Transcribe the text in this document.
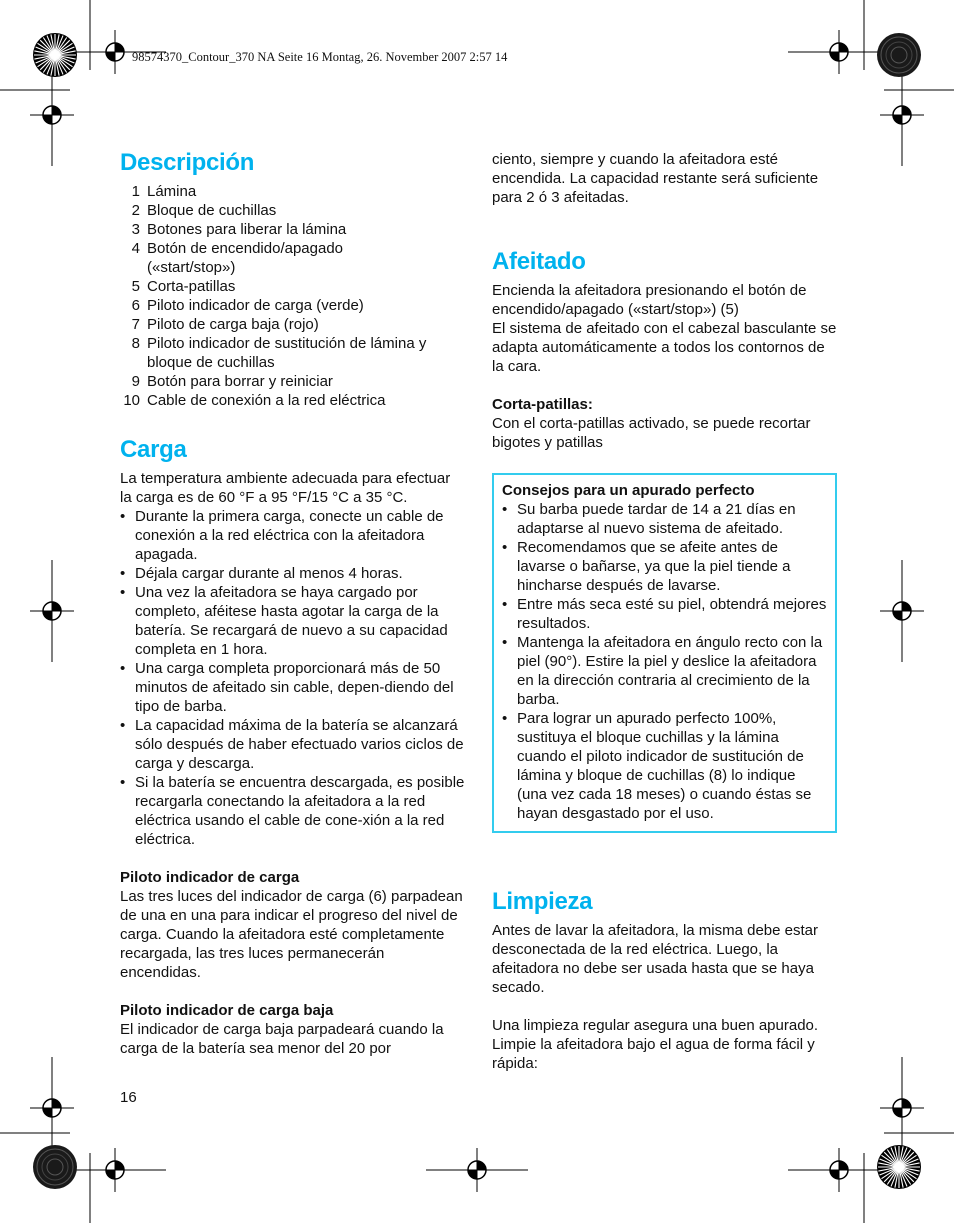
98574370_Contour_370 NA Seite 16 Montag, 26. November 2007 2:57 14
Descripción
1 Lámina
2 Bloque de cuchillas
3 Botones para liberar la lámina
4 Botón de encendido/apagado («start/stop»)
5 Corta-patillas
6 Piloto indicador de carga (verde)
7 Piloto de carga baja (rojo)
8 Piloto indicador de sustitución de lámina y bloque de cuchillas
9 Botón para borrar y reiniciar
10 Cable de conexión a la red eléctrica
Carga

La temperatura ambiente adecuada para efectuar la carga es de 60 °F a 95 °F/15 °C a 35 °C.

• Durante la primera carga, conecte un cable de conexión a la red eléctrica con la afeitadora apagada.
• Déjala cargar durante al menos 4 horas.
• Una vez la afeitadora se haya cargado por completo, aféitese hasta agotar la carga de la batería. Se recargará de nuevo a su capacidad completa en 1 hora.
• Una carga completa proporcionará más de 50 minutos de afeitado sin cable, depen-diendo del tipo de barba.
• La capacidad máxima de la batería se alcanzará sólo después de haber efectuado varios ciclos de carga y descarga.
• Si la batería se encuentra descargada, es posible recargarla conectando la afeitadora a la red eléctrica usando el cable de cone-xión a la red eléctrica.

Piloto indicador de carga

Las tres luces del indicador de carga (6) parpadean de una en una para indicar el progreso del nivel de carga. Cuando la afeitadora esté completamente recargada, las tres luces permanecerán encendidas.

Piloto indicador de carga baja

El indicador de carga baja parpadeará cuando la carga de la batería sea menor del 20 por

ciento, siempre y cuando la afeitadora esté encendida. La capacidad restante será suficiente para 2 ó 3 afeitadas.

Afeitado

Encienda la afeitadora presionando el botón de encendido/apagado («start/stop») (5)

El sistema de afeitado con el cabezal basculante se adapta automáticamente a todos los contornos de la cara.

Corta-patillas:

Con el corta-patillas activado, se puede recortar bigotes y patillas

Consejos para un apurado perfecto

• Su barba puede tardar de 14 a 21 días en adaptarse al nuevo sistema de afeitado.
• Recomendamos que se afeite antes de lavarse o bañarse, ya que la piel tiende a hincharse después de lavarse.
• Entre más seca esté su piel, obtendrá mejores resultados.
• Mantenga la afeitadora en ángulo recto con la piel (90°). Estire la piel y deslice la afeitadora en la dirección contraria al crecimiento de la barba.
• Para lograr un apurado perfecto 100%, sustituya el bloque cuchillas y la lámina cuando el piloto indicador de sustitución de lámina y bloque de cuchillas (8) lo indique (una vez cada 18 meses) o cuando éstas se hayan desgastado por el uso.
Limpieza

Antes de lavar la afeitadora, la misma debe estar desconectada de la red eléctrica. Luego, la afeitadora no debe ser usada hasta que se haya secado.

Una limpieza regular asegura una buen apurado. Limpie la afeitadora bajo el agua de forma fácil y rápida:

16
